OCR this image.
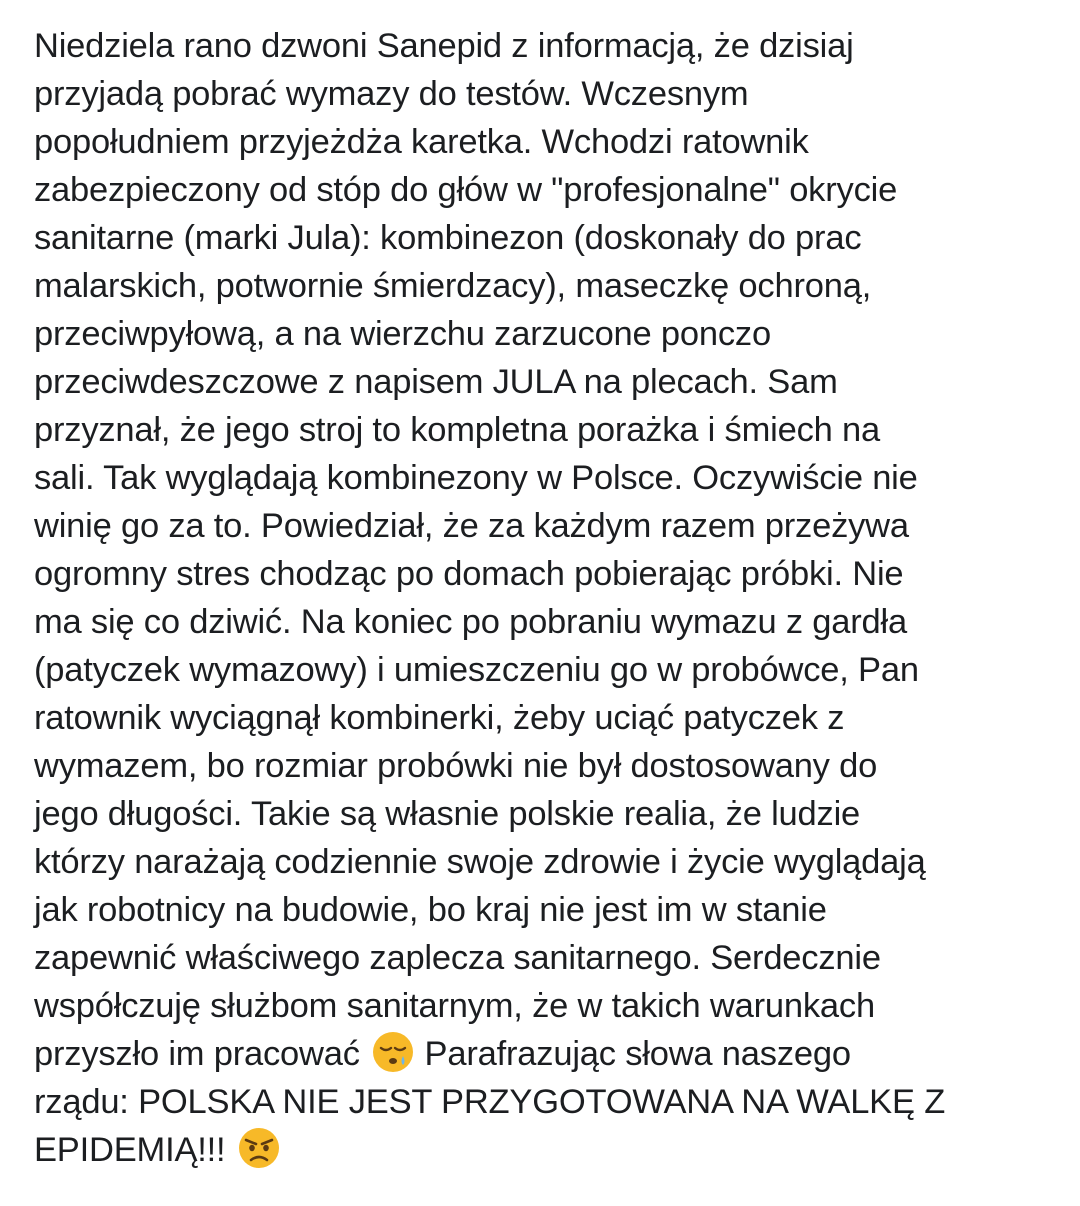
Niedziela rano dzwoni Sanepid z informacją, że dzisiaj
przyjadą pobrać wymazy do testów. Wczesnym
popołudniem przyjeżdża karetka. Wchodzi ratownik
zabezpieczony od stóp do głów w "profesjonalne" okrycie
sanitarne (marki Jula): kombinezon (doskonały do prac
malarskich, potwornie śmierdzacy), maseczkę ochroną,
przeciwpyłową, a na wierzchu zarzucone ponczo
przeciwdeszczowe z napisem JULA na plecach. Sam
przyznał, że jego stroj to kompletna porażka i śmiech na
sali. Tak wyglądają kombinezony w Polsce. Oczywiście nie
winię go za to. Powiedział, że za każdym razem przeżywa
ogromny stres chodząc po domach pobierając próbki. Nie
ma się co dziwić. Na koniec po pobraniu wymazu z gardła
(patyczek wymazowy) i umieszczeniu go w probówce, Pan
ratownik wyciągnął kombinerki, żeby uciąć patyczek z
wymazem, bo rozmiar probówki nie był dostosowany do
jego długości. Takie są własnie polskie realia, że ludzie
którzy narażają codziennie swoje zdrowie i życie wyglądają
jak robotnicy na budowie, bo kraj nie jest im w stanie
zapewnić właściwego zaplecza sanitarnego. Serdecznie
współczuję służbom sanitarnym, że w takich warunkach
przyszło im pracować  Parafrazując słowa naszego
rządu: POLSKA NIE JEST PRZYGOTOWANA NA WALKĘ Z
EPIDEMIĄ!!!
